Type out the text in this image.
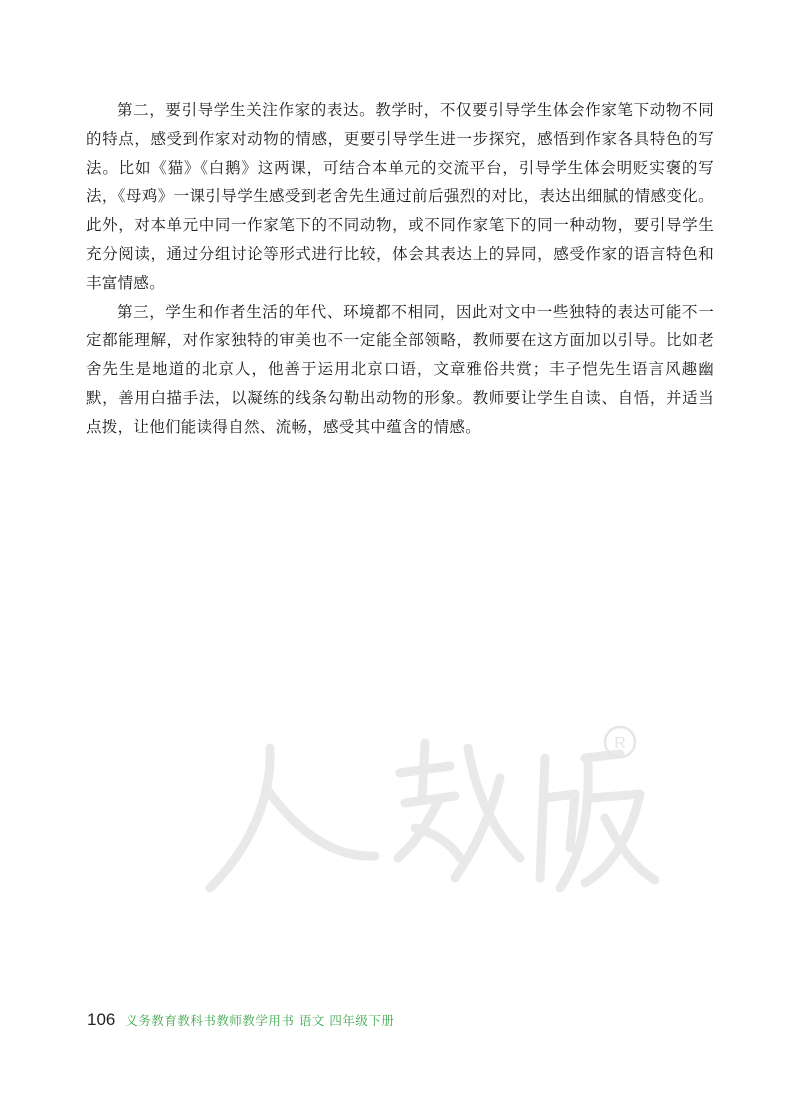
第二，要引导学生关注作家的表达。教学时，不仅要引导学生体会作家笔下动物不同的特点，感受到作家对动物的情感，更要引导学生进一步探究，感悟到作家各具特色的写法。比如《猫》《白鹅》这两课，可结合本单元的交流平台，引导学生体会明贬实褒的写法，《母鸡》一课引导学生感受到老舍先生通过前后强烈的对比，表达出细腻的情感变化。此外，对本单元中同一作家笔下的不同动物，或不同作家笔下的同一种动物，要引导学生充分阅读，通过分组讨论等形式进行比较，体会其表达上的异同，感受作家的语言特色和丰富情感。

第三，学生和作者生活的年代、环境都不相同，因此对文中一些独特的表达可能不一定都能理解，对作家独特的审美也不一定能全部领略，教师要在这方面加以引导。比如老舍先生是地道的北京人，他善于运用北京口语，文章雅俗共赏；丰子恺先生语言风趣幽默，善用白描手法，以凝练的线条勾勒出动物的形象。教师要让学生自读、自悟，并适当点拨，让他们能读得自然、流畅，感受其中蕴含的情感。

R
106 义务教育教科书教师教学用书 语文 四年级下册
